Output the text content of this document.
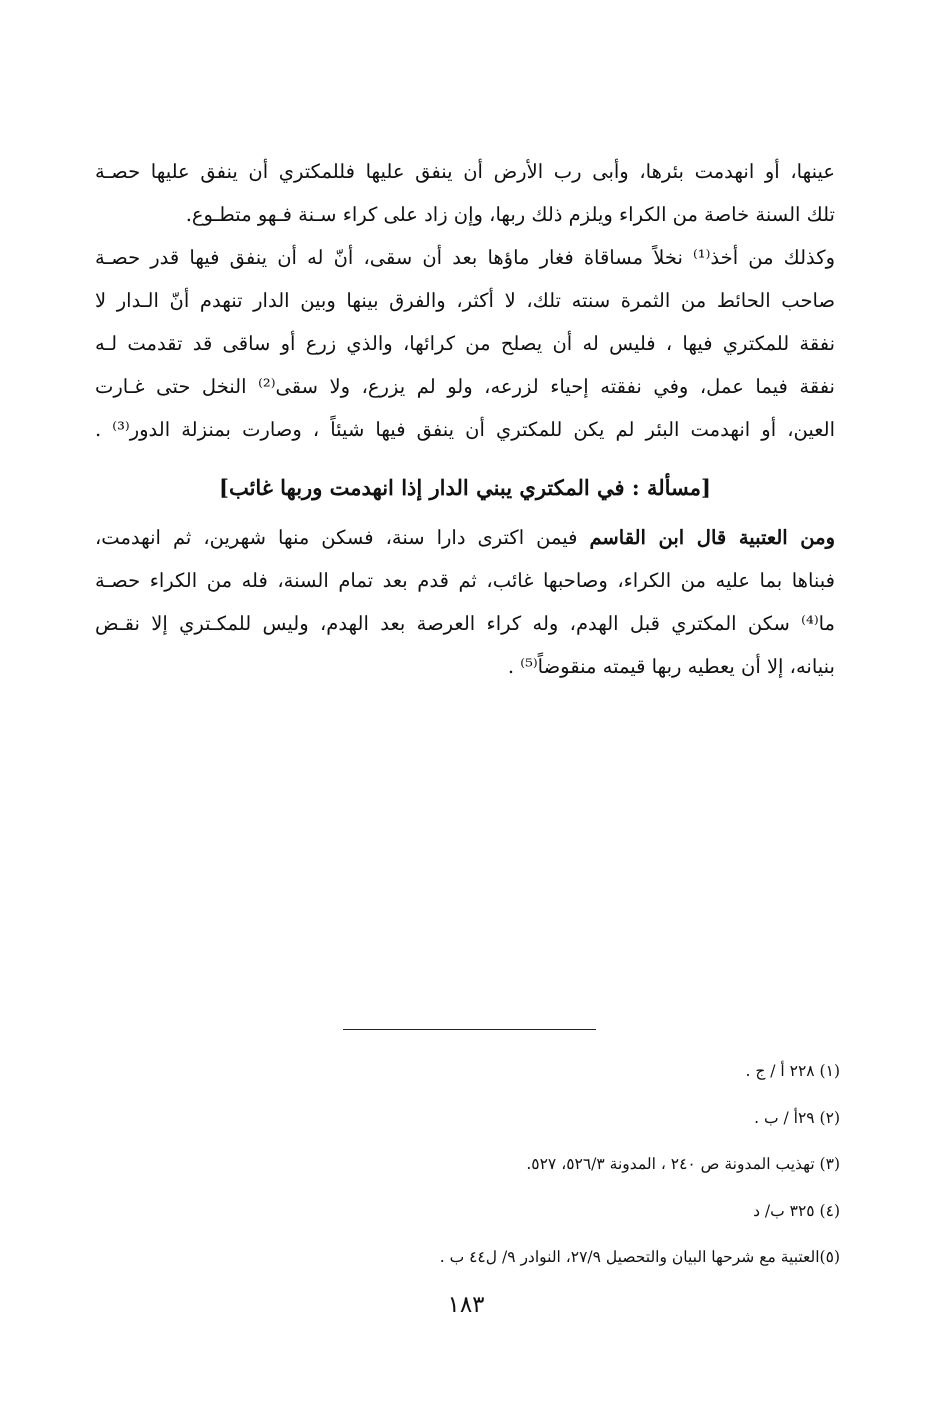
عينها، أو انهدمت بئرها، وأبى رب الأرض أن ينفق عليها فللمكتري أن ينفق عليها حصـة
تلك السنة خاصة من الكراء ويلزم ذلك ربها، وإن زاد على كراء سـنة فـهو متطـوع.
وكذلك من أخذ⁽¹⁾ نخلاً مساقاة فغار ماؤها بعد أن سقى، أنّ له أن ينفق فيها قدر حصـة
صاحب الحائط من الثمرة سنته تلك، لا أكثر، والفرق بينها وبين الدار تنهدم أنّ الـدار لا
نفقة للمكتري فيها ، فليس له أن يصلح من كرائها، والذي زرع أو ساقى قد تقدمت لـه
نفقة فيما عمل، وفي نفقته إحياء لزرعه، ولو لم يزرع، ولا سقى⁽²⁾ النخل حتى غـارت
العين، أو انهدمت البئر لم يكن للمكتري أن ينفق فيها شيئاً ، وصارت بمنزلة الدور⁽³⁾ .
[مسألة : في المكتري يبني الدار إذا انهدمت وربها غائب]
ومن العتبية قال ابن القاسم فيمن اكترى دارا سنة، فسكن منها شهرين، ثم انهدمت،
فبناها بما عليه من الكراء، وصاحبها غائب، ثم قدم بعد تمام السنة، فله من الكراء حصـة
ما⁽⁴⁾ سكن المكتري قبل الهدم، وله كراء العرصة بعد الهدم، وليس للمكـتري إلا نقـض
بنيانه، إلا أن يعطيه ربها قيمته منقوضاً⁽⁵⁾ .
(١) ٢٢٨ أ / ج .
(٢) ٢٩أ / ب .
(٣) تهذيب المدونة ص ٢٤٠ ، المدونة ٥٢٦/٣، ٥٢٧.
(٤) ٣٢٥ ب/ د
(٥)العتبية مع شرحها البيان والتحصيل ٢٧/٩، النوادر ٩/ ل٤٤ ب .
١٨٣
